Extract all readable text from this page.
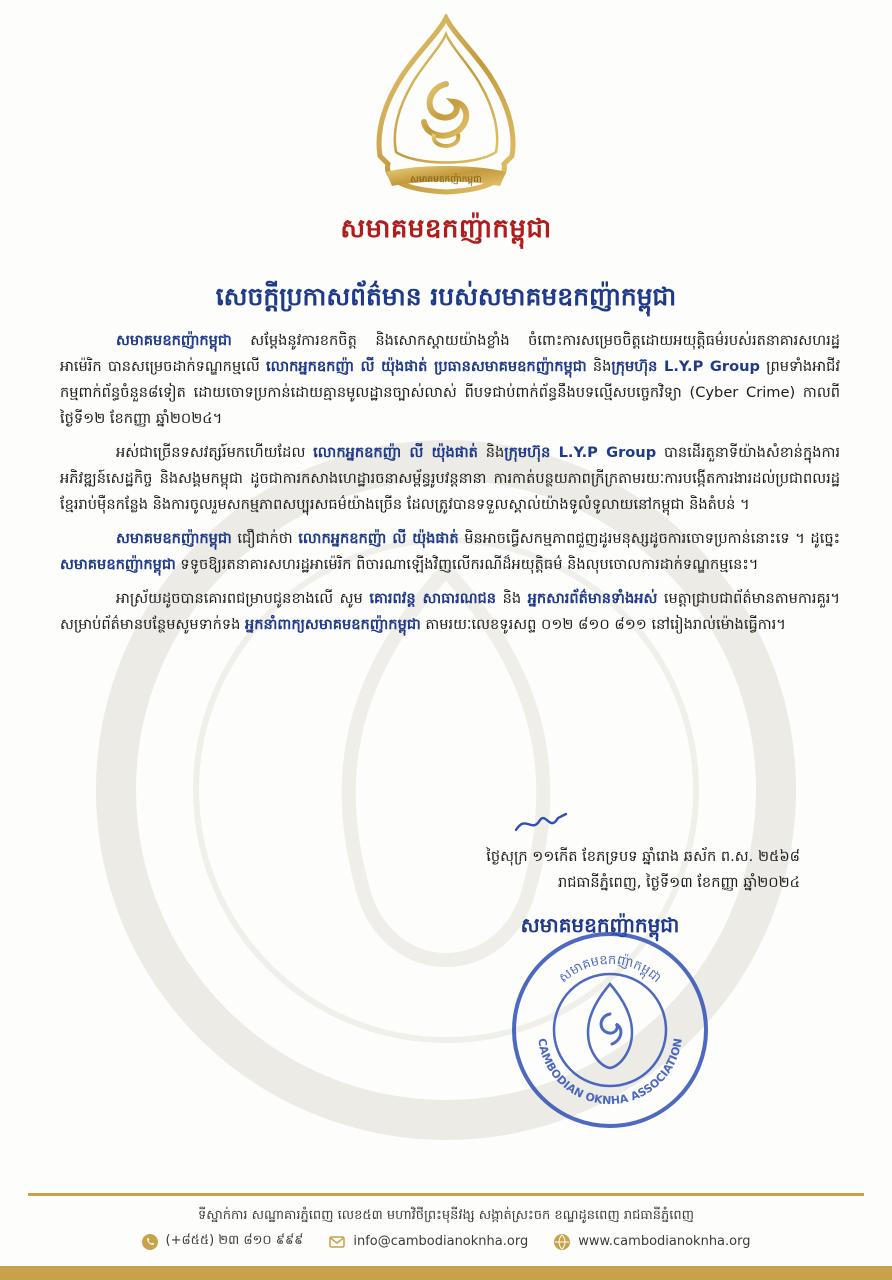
សមាគមឧកញ៉ាកម្ពុជា
សមាគមឧកញ៉ាកម្ពុជា
សេចក្តីប្រកាសព័ត៌មាន របស់សមាគមឧកញ៉ាកម្ពុជា

សមាគមឧកញ៉ាកម្ពុជា សម្តែងនូវការខកចិត្ត និងសោកស្តាយយ៉ាងខ្លាំង ចំពោះការសម្រេចចិត្តដោយអយុត្តិធម៌របស់រតនាគារសហរដ្ឋអាម៉េរិក បានសម្រេចដាក់ទណ្ឌកម្មលើ លោកអ្នកឧកញ៉ា លី យ៉ុងផាត់ ប្រធានសមាគមឧកញ៉ាកម្ពុជា និងក្រុមហ៊ុន L.Y.P Group ព្រមទាំងអាជីវកម្មពាក់ព័ន្ធចំនួន៨ទៀត ដោយចោទប្រកាន់ដោយគ្មានមូលដ្ឋានច្បាស់លាស់ ពីបទជាប់ពាក់ព័ន្ធនឹងបទល្មើសបច្ចេកវិទ្យា (Cyber Crime) កាលពីថ្ងៃទី១២ ខែកញ្ញា ឆ្នាំ២០២៤។

អស់ជាច្រើនទសវត្សរ៍មកហើយដែល លោកអ្នកឧកញ៉ា លី យ៉ុងផាត់ និងក្រុមហ៊ុន L.Y.P Group បានដើរតួនាទីយ៉ាងសំខាន់ក្នុងការអភិវឌ្ឍន៍សេដ្ឋកិច្ច និងសង្គមកម្ពុជា ដូចជាការកសាងហេដ្ឋារចនាសម្ព័ន្ធរូបវន្តនានា ការកាត់បន្ថយភាពក្រីក្រតាមរយៈការបង្កើតការងារដល់ប្រជាពលរដ្ឋខ្មែររាប់ម៉ឺនកន្លែង និងការចូលរួមសកម្មភាពសប្បុរសធម៌យ៉ាងច្រើន ដែលត្រូវបានទទួលស្គាល់យ៉ាងទូលំទូលាយនៅកម្ពុជា និងតំបន់ ។

សមាគមឧកញ៉ាកម្ពុជា ជឿជាក់ថា លោកអ្នកឧកញ៉ា លី យ៉ុងផាត់ មិនអាចធ្វើសកម្មភាពជួញដូរមនុស្សដូចការចោទប្រកាន់នោះទេ ។ ដូច្នេះ សមាគមឧកញ៉ាកម្ពុជា ទទូចឱ្យរតនាគារសហរដ្ឋអាម៉េរិក ពិចារណាឡើងវិញលើករណីដ៏អយុត្តិធម៌ និងលុបចោលការដាក់ទណ្ឌកម្មនេះ។

អាស្រ័យដូចបានគោរពជម្រាបជូនខាងលើ សូម គោរពវន្ត សាធារណជន និង អ្នកសារព័ត៌មានទាំងអស់ មេត្តាជ្រាបជាព័ត៌មានតាមការគួរ។ សម្រាប់ព័ត៌មានបន្ថែមសូមទាក់ទង អ្នកនាំពាក្យសមាគមឧកញ៉ាកម្ពុជា តាមរយៈលេខទូរសព្ទ ០១២ ៨១០ ៨១១ នៅរៀងរាល់ម៉ោងធ្វើការ។

ថ្ងៃសុក្រ ១១កើត ខែភទ្របទ ឆ្នាំរោង ឆស័ក ព.ស. ២៥៦៨
រាជធានីភ្នំពេញ, ថ្ងៃទី១៣ ខែកញ្ញា ឆ្នាំ២០២៤
សមាគមឧកញ៉ាកម្ពុជា
សមាគមឧកញ៉ាកម្ពុជា
CAMBODIAN OKNHA ASSOCIATION
ទីស្នាក់ការ សណ្ឋាគារភ្នំពេញ លេខ៥៣ មហាវិថីព្រះមុនីវង្ស សង្កាត់ស្រះចក ខណ្ឌដូនពេញ រាជធានីភ្នំពេញ
(+៨៥៥) ២៣ ៨១០ ៩៩៩	info@cambodianoknha.org	www.cambodianoknha.org
